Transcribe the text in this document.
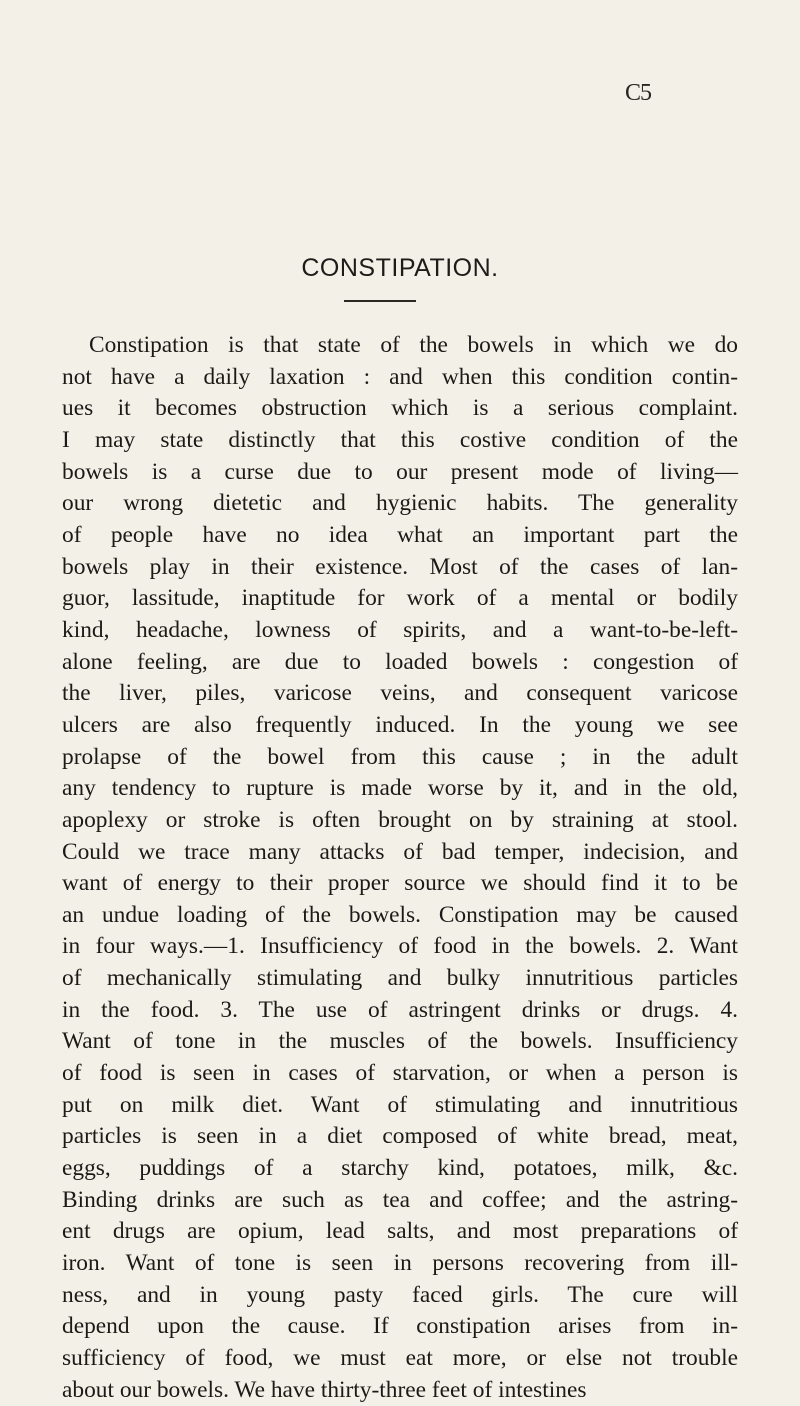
C5
CONSTIPATION.
Constipation is that state of the bowels in which we do
not have a daily laxation : and when this condition contin-
ues it becomes obstruction which is a serious complaint.
I may state distinctly that this costive condition of the
bowels is a curse due to our present mode of living—
our wrong dietetic and hygienic habits. The generality
of people have no idea what an important part the
bowels play in their existence. Most of the cases of lan-
guor, lassitude, inaptitude for work of a mental or bodily
kind, headache, lowness of spirits, and a want-to-be-left-
alone feeling, are due to loaded bowels : congestion of
the liver, piles, varicose veins, and consequent varicose
ulcers are also frequently induced. In the young we see
prolapse of the bowel from this cause ; in the adult
any tendency to rupture is made worse by it, and in the old,
apoplexy or stroke is often brought on by straining at stool.
Could we trace many attacks of bad temper, indecision, and
want of energy to their proper source we should find it to be
an undue loading of the bowels. Constipation may be caused
in four ways.—1. Insufficiency of food in the bowels. 2. Want
of mechanically stimulating and bulky innutritious particles
in the food. 3. The use of astringent drinks or drugs. 4.
Want of tone in the muscles of the bowels. Insufficiency
of food is seen in cases of starvation, or when a person is
put on milk diet. Want of stimulating and innutritious
particles is seen in a diet composed of white bread, meat,
eggs, puddings of a starchy kind, potatoes, milk, &c.
Binding drinks are such as tea and coffee; and the astring-
ent drugs are opium, lead salts, and most preparations of
iron. Want of tone is seen in persons recovering from ill-
ness, and in young pasty faced girls. The cure will
depend upon the cause. If constipation arises from in-
sufficiency of food, we must eat more, or else not trouble
about our bowels. We have thirty-three feet of intestines
